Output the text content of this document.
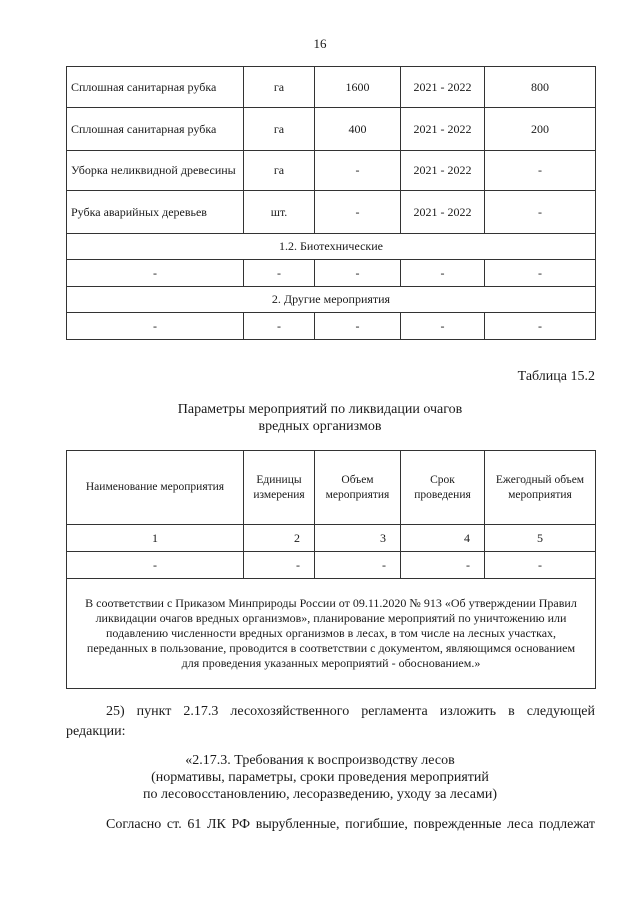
16
Сплошная санитарная рубка	га	1600	2021 - 2022	800
Сплошная санитарная рубка	га	400	2021 - 2022	200
Уборка неликвидной древесины	га	-	2021 - 2022	-
Рубка аварийных деревьев	шт.	-	2021 - 2022	-
1.2. Биотехнические				
-	-	-	-	-
2. Другие мероприятия				
-	-	-	-	-
Таблица 15.2
Параметры мероприятий по ликвидации очагов
вредных организмов
Наименование мероприятия	Единицы измерения	Объем мероприятия	Срок проведения	Ежегодный объем мероприятия
1	2	3	4	5
-	-	-	-	-
В соответствии с Приказом Минприроды России от 09.11.2020 № 913 «Об утверждении Правил ликвидации очагов вредных организмов», планирование мероприятий по уничтожению или подавлению численности вредных организмов в лесах, в том числе на лесных участках, переданных в пользование, проводится в соответствии с документом, являющимся основанием для проведения указанных мероприятий - обоснованием.»				
25) пункт 2.17.3 лесохозяйственного регламента изложить в следующей редакции:
«2.17.3. Требования к воспроизводству лесов
(нормативы, параметры, сроки проведения мероприятий
по лесовосстановлению, лесоразведению, уходу за лесами)
Согласно ст. 61 ЛК РФ вырубленные, погибшие, поврежденные леса подлежат
